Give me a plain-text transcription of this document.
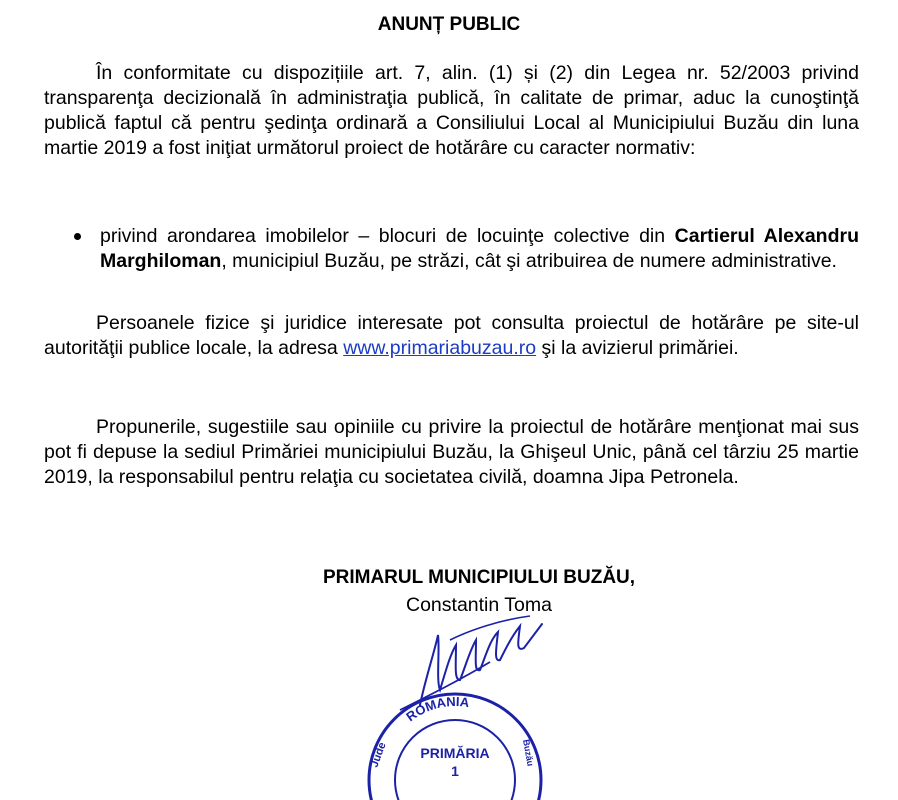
ANUNȚ PUBLIC

În conformitate cu dispozițiile art. 7, alin. (1) și (2) din Legea nr. 52/2003 privind transparenţa decizională în administraţia publică, în calitate de primar, aduc la cunoştinţă publică faptul că pentru şedinţa ordinară a Consiliului Local al Municipiului Buzău din luna martie 2019 a fost iniţiat următorul proiect de hotărâre cu caracter normativ:

privind arondarea imobilelor – blocuri de locuinţe colective din Cartierul Alexandru Marghiloman, municipiul Buzău, pe străzi, cât şi atribuirea de numere administrative.

Persoanele fizice şi juridice interesate pot consulta proiectul de hotărâre pe site-ul autorităţii publice locale, la adresa www.primariabuzau.ro şi la avizierul primăriei.

Propunerile, sugestiile sau opiniile cu privire la proiectul de hotărâre menţionat mai sus pot fi depuse la sediul Primăriei municipiului Buzău, la Ghişeul Unic, până cel târziu 25 martie 2019, la responsabilul pentru relaţia cu societatea civilă, doamna Jipa Petronela.

PRIMARUL MUNICIPIULUI BUZĂU,
Constantin Toma
ROMANIA
Jude	Buzău
PRIMĂRIA
1
